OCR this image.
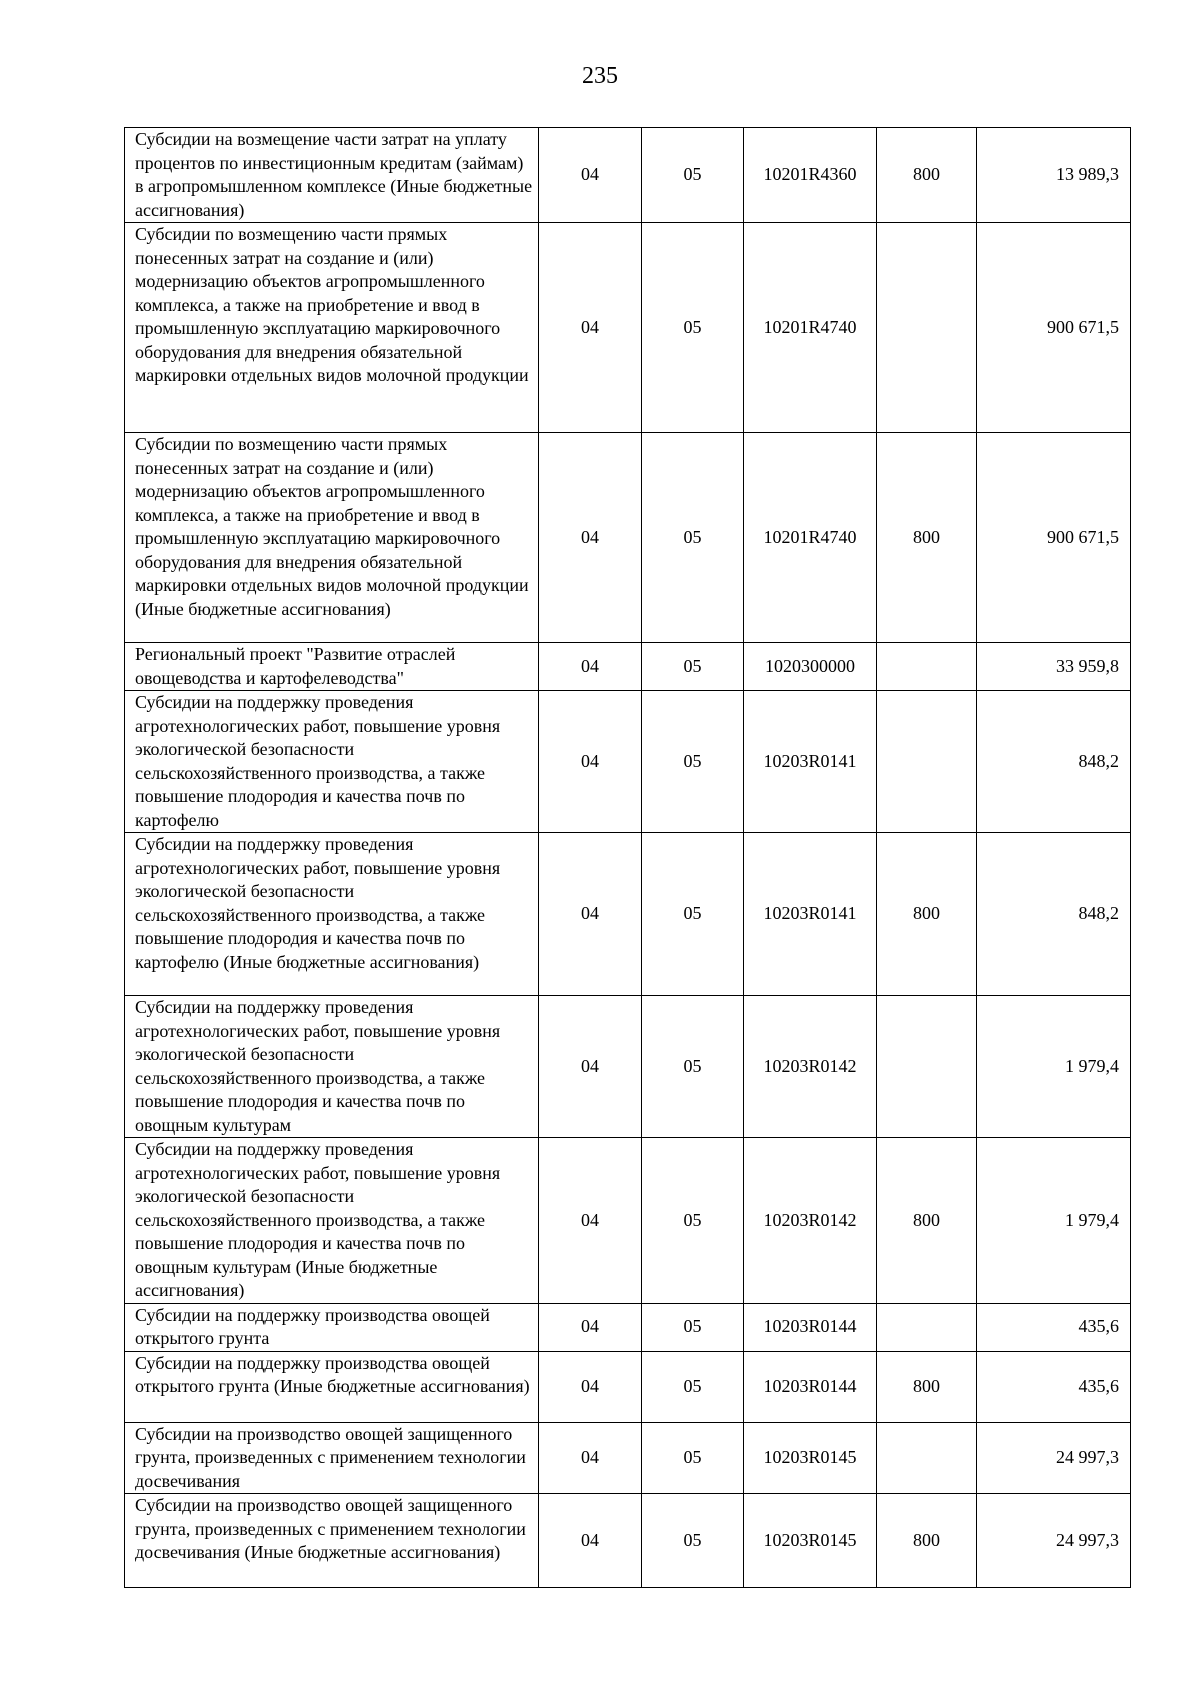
235
Субсидии на возмещение части затрат на уплату процентов по инвестиционным кредитам (займам) в агропромышленном комплексе (Иные бюджетные ассигнования)	04	05	10201R4360	800	13 989,3
Субсидии по возмещению части прямых понесенных затрат на создание и (или) модернизацию объектов агропромышленного комплекса, а также на приобретение и ввод в промышленную эксплуатацию маркировочного оборудования для внедрения обязательной маркировки отдельных видов молочной продукции	04	05	10201R4740		900 671,5
Субсидии по возмещению части прямых понесенных затрат на создание и (или) модернизацию объектов агропромышленного комплекса, а также на приобретение и ввод в промышленную эксплуатацию маркировочного оборудования для внедрения обязательной маркировки отдельных видов молочной продукции (Иные бюджетные ассигнования)	04	05	10201R4740	800	900 671,5
Региональный проект "Развитие отраслей овощеводства и картофелеводства"	04	05	1020300000		33 959,8
Субсидии на поддержку проведения агротехнологических работ, повышение уровня экологической безопасности сельскохозяйственного производства, а также повышение плодородия и качества почв по картофелю	04	05	10203R0141		848,2
Субсидии на поддержку проведения агротехнологических работ, повышение уровня экологической безопасности сельскохозяйственного производства, а также повышение плодородия и качества почв по картофелю (Иные бюджетные ассигнования)	04	05	10203R0141	800	848,2
Субсидии на поддержку проведения агротехнологических работ, повышение уровня экологической безопасности сельскохозяйственного производства, а также повышение плодородия и качества почв по овощным культурам	04	05	10203R0142		1 979,4
Субсидии на поддержку проведения агротехнологических работ, повышение уровня экологической безопасности сельскохозяйственного производства, а также повышение плодородия и качества почв по овощным культурам (Иные бюджетные ассигнования)	04	05	10203R0142	800	1 979,4
Субсидии на поддержку производства овощей открытого грунта	04	05	10203R0144		435,6
Субсидии на поддержку производства овощей открытого грунта (Иные бюджетные ассигнования)	04	05	10203R0144	800	435,6
Субсидии на производство овощей защищенного грунта, произведенных с применением технологии досвечивания	04	05	10203R0145		24 997,3
Субсидии на производство овощей защищенного грунта, произведенных с применением технологии досвечивания (Иные бюджетные ассигнования)	04	05	10203R0145	800	24 997,3
